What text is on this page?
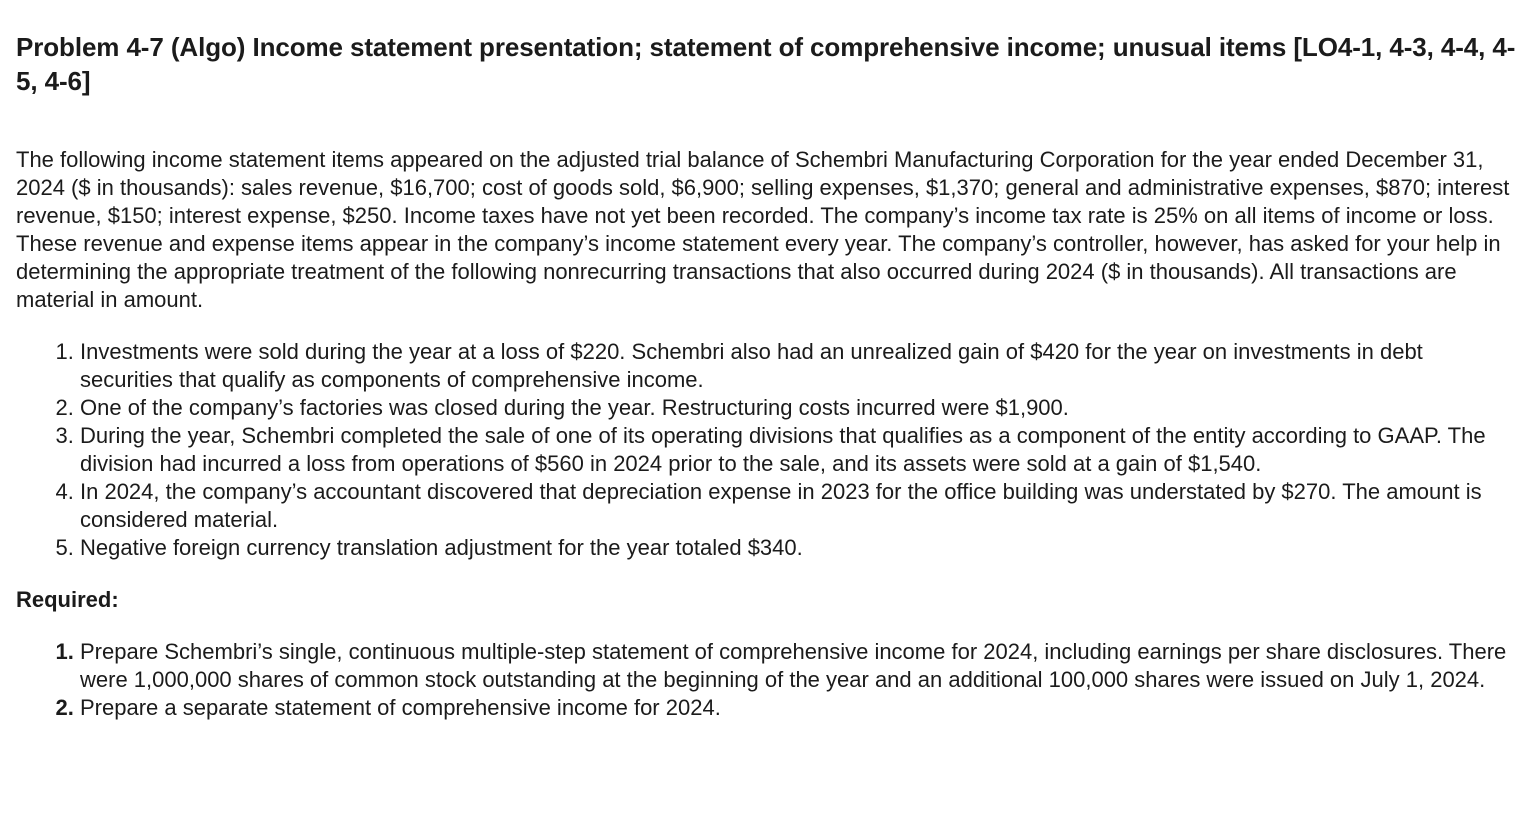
Problem 4-7 (Algo) Income statement presentation; statement of comprehensive income; unusual items [LO4-1, 4-3, 4-4, 4-5, 4-6]

The following income statement items appeared on the adjusted trial balance of Schembri Manufacturing Corporation for the year ended December 31, 2024 ($ in thousands): sales revenue, $16,700; cost of goods sold, $6,900; selling expenses, $1,370; general and administrative expenses, $870; interest revenue, $150; interest expense, $250. Income taxes have not yet been recorded. The company’s income tax rate is 25% on all items of income or loss. These revenue and expense items appear in the company’s income statement every year. The company’s controller, however, has asked for your help in determining the appropriate treatment of the following nonrecurring transactions that also occurred during 2024 ($ in thousands). All transactions are material in amount.

1. Investments were sold during the year at a loss of $220. Schembri also had an unrealized gain of $420 for the year on investments in debt securities that qualify as components of comprehensive income.
2. One of the company’s factories was closed during the year. Restructuring costs incurred were $1,900.
3. During the year, Schembri completed the sale of one of its operating divisions that qualifies as a component of the entity according to GAAP. The division had incurred a loss from operations of $560 in 2024 prior to the sale, and its assets were sold at a gain of $1,540.
4. In 2024, the company’s accountant discovered that depreciation expense in 2023 for the office building was understated by $270. The amount is considered material.
5. Negative foreign currency translation adjustment for the year totaled $340.

Required:

1. Prepare Schembri’s single, continuous multiple-step statement of comprehensive income for 2024, including earnings per share disclosures. There were 1,000,000 shares of common stock outstanding at the beginning of the year and an additional 100,000 shares were issued on July 1, 2024.
2. Prepare a separate statement of comprehensive income for 2024.
